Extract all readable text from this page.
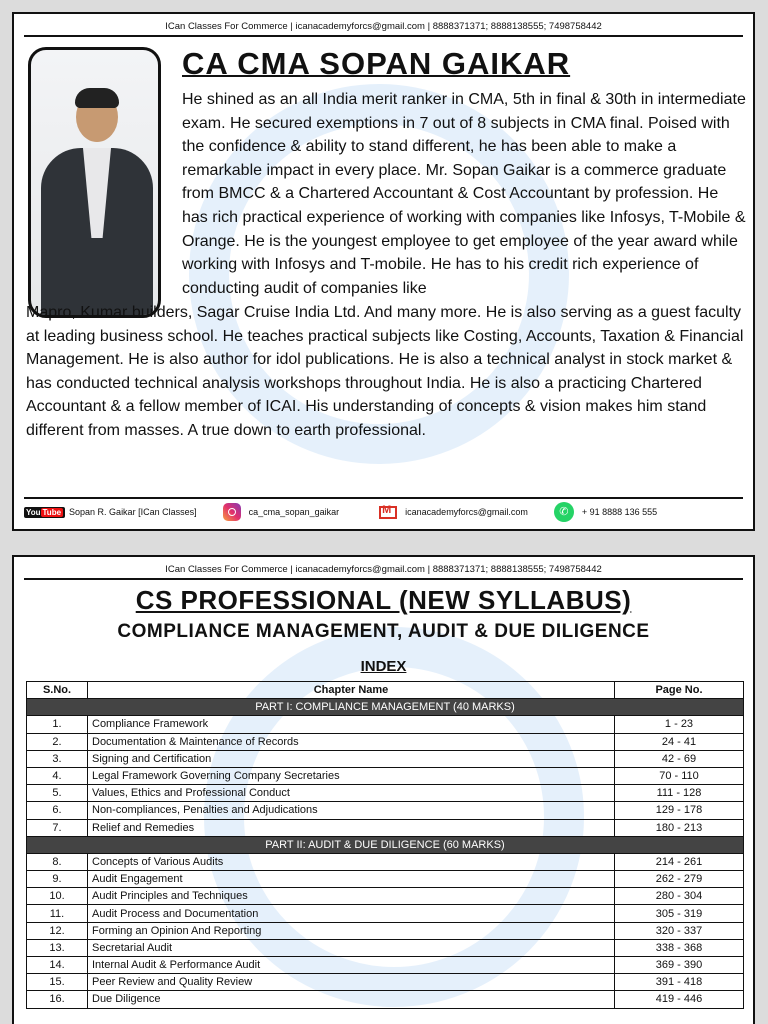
ICan Classes For Commerce | icanacademyforcs@gmail.com | 8888371371; 8888138555; 7498758442
CA CMA SOPAN GAIKAR
He shined as an all India merit ranker in CMA, 5th in final & 30th in intermediate exam. He secured exemptions in 7 out of 8 subjects in CMA final. Poised with the confidence & ability to stand different, he has been able to make a remarkable impact in every place. Mr. Sopan Gaikar is a commerce graduate from BMCC & a Chartered Accountant & Cost Accountant by profession. He has rich practical experience of working with companies like Infosys, T-Mobile & Orange. He is the youngest employee to get employee of the year award while working with Infosys and T-mobile. He has to his credit rich experience of conducting audit of companies like
Mapro, Kumar builders, Sagar Cruise India Ltd. And many more. He is also serving as a guest faculty at leading business school. He teaches practical subjects like Costing, Accounts, Taxation & Financial Management. He is also author for idol publications. He is also a technical analyst in stock market & has conducted technical analysis workshops throughout India. He is also a practicing Chartered Accountant & a fellow member of ICAI. His understanding of concepts & vision makes him stand different from masses. A true down to earth professional.
You Tube Sopan R. Gaikar [ICan Classes]	ca_cma_sopan_gaikar M	icanacademyforcs@gmail.com	✆	+ 91 8888 136 555
ICan Classes For Commerce | icanacademyforcs@gmail.com | 8888371371; 8888138555; 7498758442
CS PROFESSIONAL (NEW SYLLABUS)
COMPLIANCE MANAGEMENT, AUDIT & DUE DILIGENCE
INDEX
S.No.	Chapter Name	Page No.
PART I: COMPLIANCE MANAGEMENT (40 MARKS)		
1.	Compliance Framework	1 - 23
2.	Documentation & Maintenance of Records	24 - 41
3.	Signing and Certification	42 - 69
4.	Legal Framework Governing Company Secretaries	70 - 110
5.	Values, Ethics and Professional Conduct	111 - 128
6.	Non-compliances, Penalties and Adjudications	129 - 178
7.	Relief and Remedies	180 - 213
PART II: AUDIT & DUE DILIGENCE (60 MARKS)		
8.	Concepts of Various Audits	214 - 261
9.	Audit Engagement	262 - 279
10.	Audit Principles and Techniques	280 - 304
11.	Audit Process and Documentation	305 - 319
12.	Forming an Opinion And Reporting	320 - 337
13.	Secretarial Audit	338 - 368
14.	Internal Audit & Performance Audit	369 - 390
15.	Peer Review and Quality Review	391 - 418
16.	Due Diligence	419 - 446
